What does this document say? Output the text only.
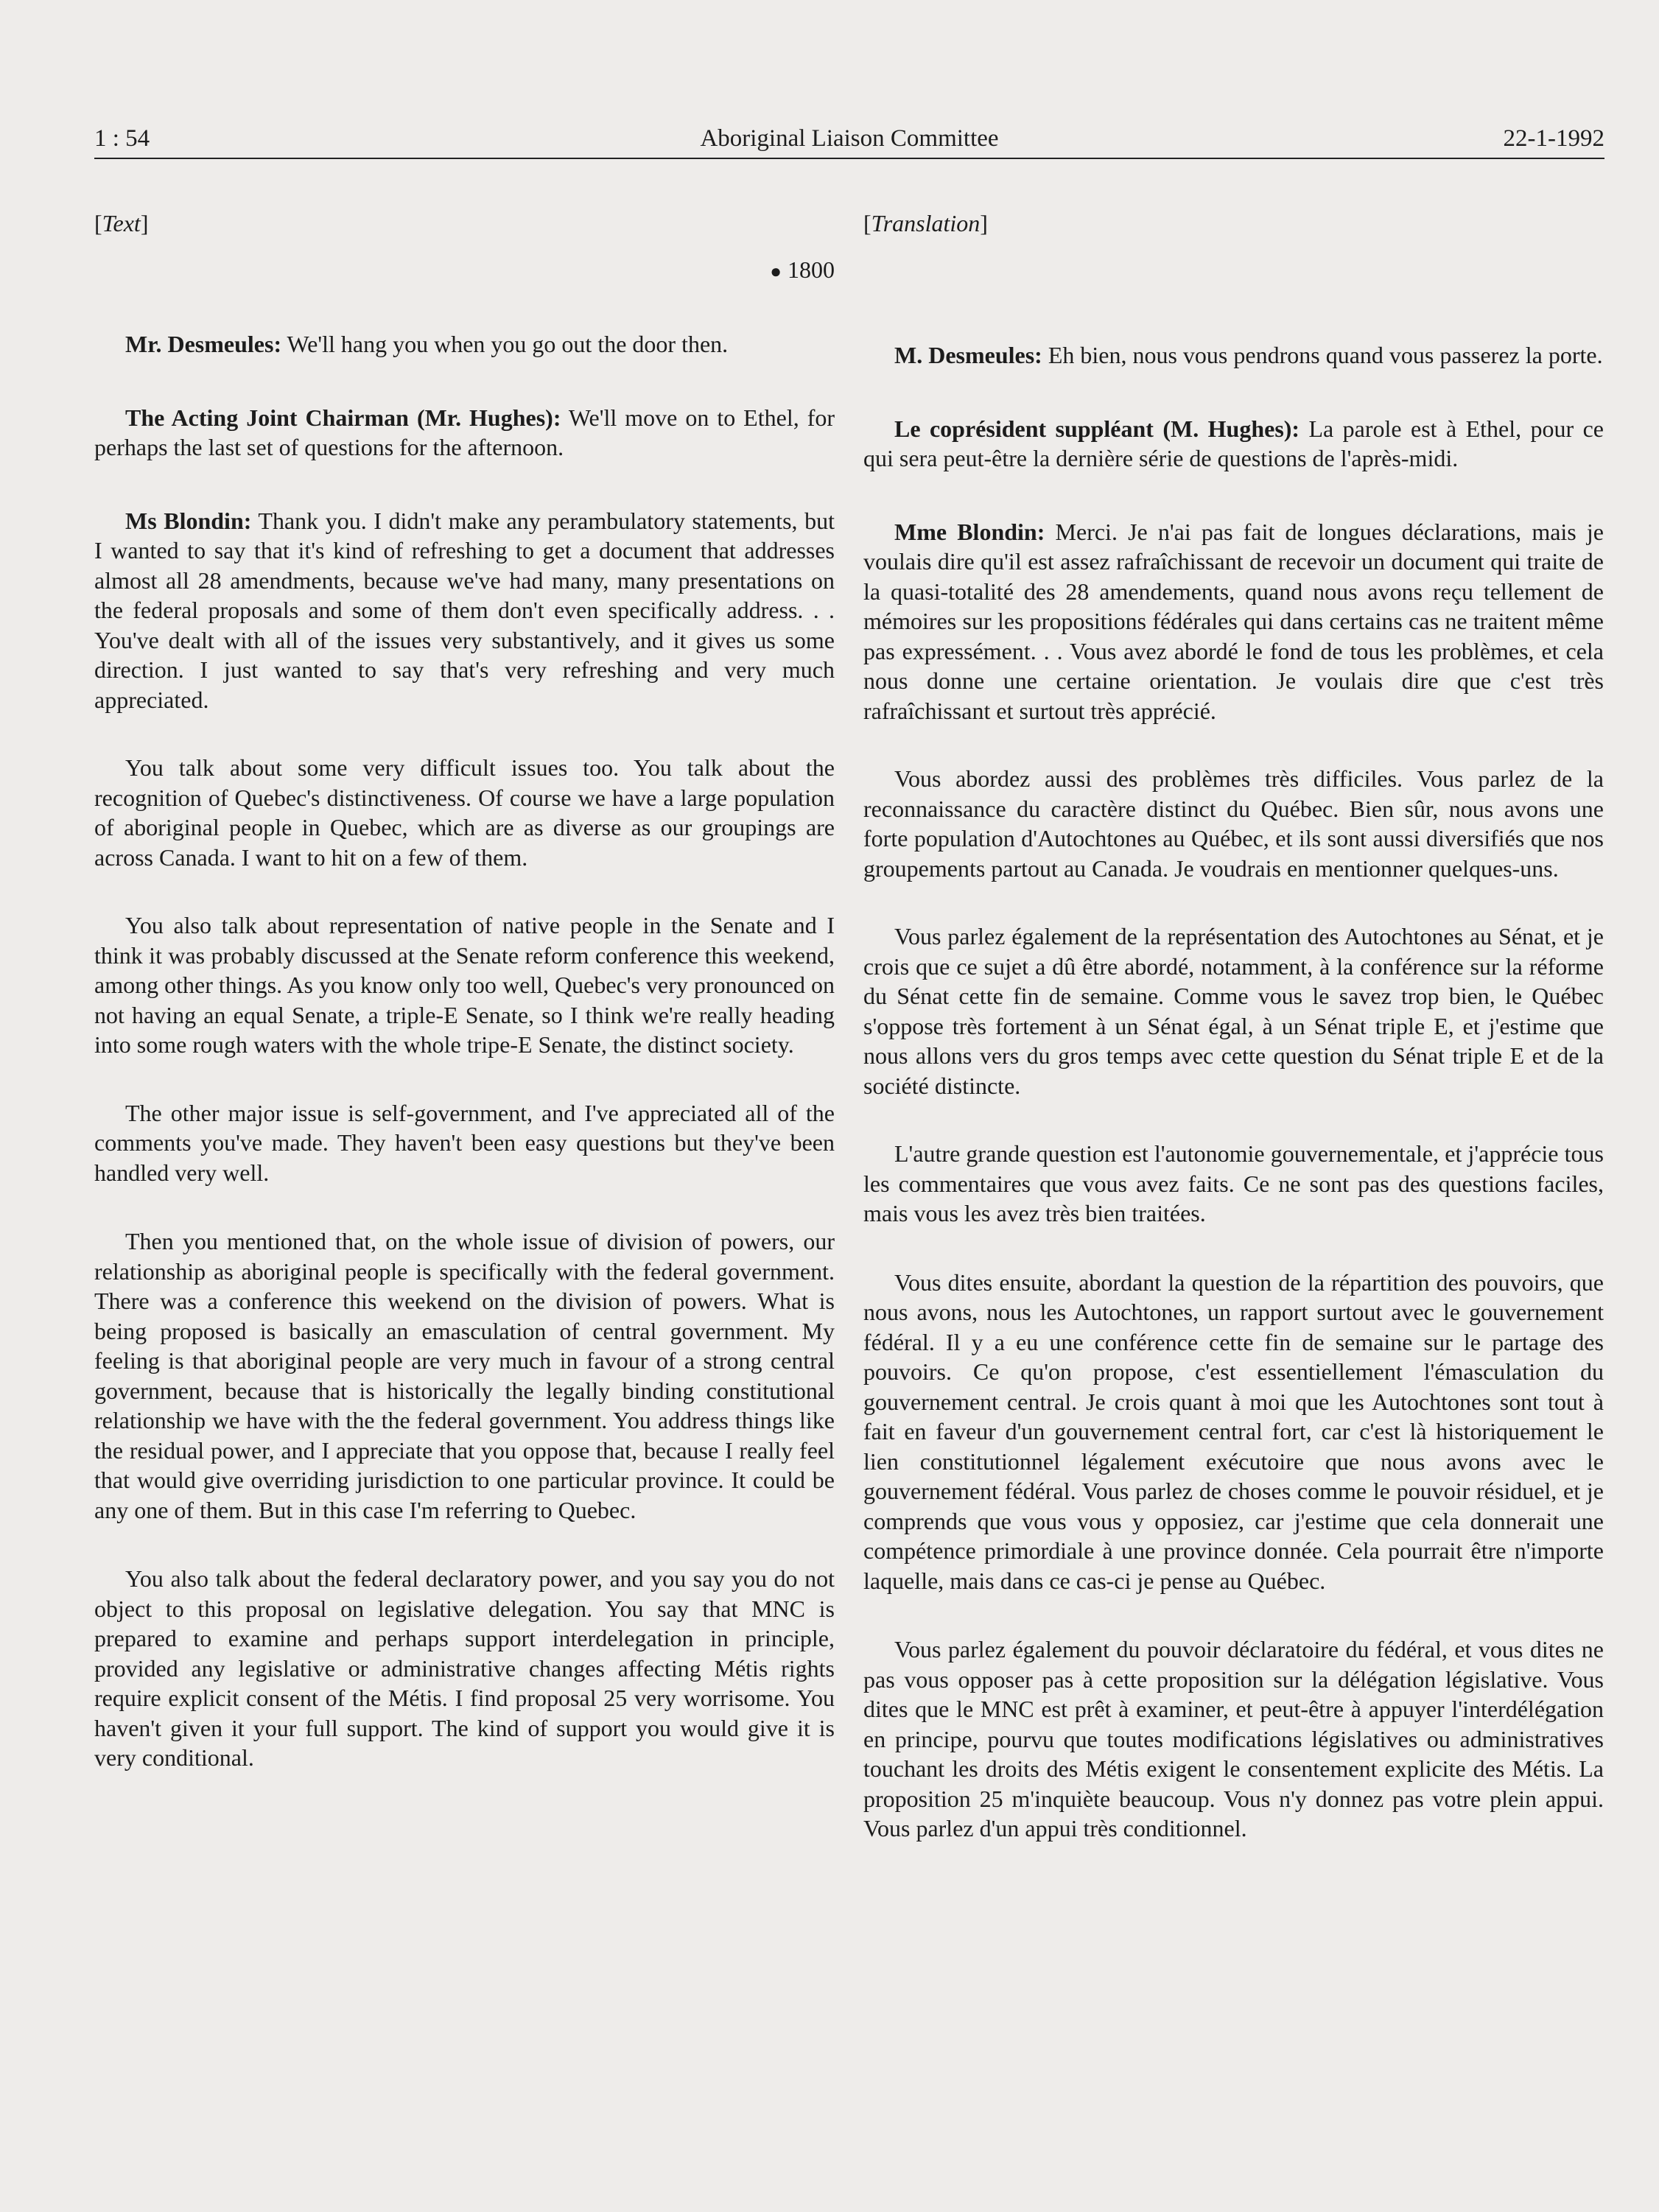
1 : 54	Aboriginal Liaison Committee	22-1-1992
[Text]
● 1800

Mr. Desmeules: We'll hang you when you go out the door then.

The Acting Joint Chairman (Mr. Hughes): We'll move on to Ethel, for perhaps the last set of questions for the afternoon.

Ms Blondin: Thank you. I didn't make any perambulatory statements, but I wanted to say that it's kind of refreshing to get a document that addresses almost all 28 amendments, because we've had many, many presentations on the federal proposals and some of them don't even specifically address. . . You've dealt with all of the issues very substantively, and it gives us some direction. I just wanted to say that's very refreshing and very much appreciated.

You talk about some very difficult issues too. You talk about the recognition of Quebec's distinctiveness. Of course we have a large population of aboriginal people in Quebec, which are as diverse as our groupings are across Canada. I want to hit on a few of them.

You also talk about representation of native people in the Senate and I think it was probably discussed at the Senate reform conference this weekend, among other things. As you know only too well, Quebec's very pronounced on not having an equal Senate, a triple-E Senate, so I think we're really heading into some rough waters with the whole tripe-E Senate, the distinct society.

The other major issue is self-government, and I've appreciated all of the comments you've made. They haven't been easy questions but they've been handled very well.

Then you mentioned that, on the whole issue of division of powers, our relationship as aboriginal people is specifically with the federal government. There was a conference this weekend on the division of powers. What is being proposed is basically an emasculation of central government. My feeling is that aboriginal people are very much in favour of a strong central government, because that is historically the legally binding constitutional relationship we have with the the federal government. You address things like the residual power, and I appreciate that you oppose that, because I really feel that would give overriding jurisdiction to one particular province. It could be any one of them. But in this case I'm referring to Quebec.

You also talk about the federal declaratory power, and you say you do not object to this proposal on legislative delegation. You say that MNC is prepared to examine and perhaps support interdelegation in principle, provided any legislative or administrative changes affecting Métis rights require explicit consent of the Métis. I find proposal 25 very worrisome. You haven't given it your full support. The kind of support you would give it is very conditional.

[Translation]

M. Desmeules: Eh bien, nous vous pendrons quand vous passerez la porte.

Le coprésident suppléant (M. Hughes): La parole est à Ethel, pour ce qui sera peut-être la dernière série de questions de l'après-midi.

Mme Blondin: Merci. Je n'ai pas fait de longues déclarations, mais je voulais dire qu'il est assez rafraîchissant de recevoir un document qui traite de la quasi-totalité des 28 amendements, quand nous avons reçu tellement de mémoires sur les propositions fédérales qui dans certains cas ne traitent même pas expressément. . . Vous avez abordé le fond de tous les problèmes, et cela nous donne une certaine orientation. Je voulais dire que c'est très rafraîchissant et surtout très apprécié.

Vous abordez aussi des problèmes très difficiles. Vous parlez de la reconnaissance du caractère distinct du Québec. Bien sûr, nous avons une forte population d'Autochtones au Québec, et ils sont aussi diversifiés que nos groupements partout au Canada. Je voudrais en mentionner quelques-uns.

Vous parlez également de la représentation des Autochtones au Sénat, et je crois que ce sujet a dû être abordé, notamment, à la conférence sur la réforme du Sénat cette fin de semaine. Comme vous le savez trop bien, le Québec s'oppose très fortement à un Sénat égal, à un Sénat triple E, et j'estime que nous allons vers du gros temps avec cette question du Sénat triple E et de la société distincte.

L'autre grande question est l'autonomie gouvernementale, et j'apprécie tous les commentaires que vous avez faits. Ce ne sont pas des questions faciles, mais vous les avez très bien traitées.

Vous dites ensuite, abordant la question de la répartition des pouvoirs, que nous avons, nous les Autochtones, un rapport surtout avec le gouvernement fédéral. Il y a eu une conférence cette fin de semaine sur le partage des pouvoirs. Ce qu'on propose, c'est essentiellement l'émasculation du gouvernement central. Je crois quant à moi que les Autochtones sont tout à fait en faveur d'un gouvernement central fort, car c'est là historiquement le lien constitutionnel légalement exécutoire que nous avons avec le gouvernement fédéral. Vous parlez de choses comme le pouvoir résiduel, et je comprends que vous vous y opposiez, car j'estime que cela donnerait une compétence primordiale à une province donnée. Cela pourrait être n'importe laquelle, mais dans ce cas-ci je pense au Québec.

Vous parlez également du pouvoir déclaratoire du fédéral, et vous dites ne pas vous opposer pas à cette proposition sur la délégation législative. Vous dites que le MNC est prêt à examiner, et peut-être à appuyer l'interdélégation en principe, pourvu que toutes modifications législatives ou administratives touchant les droits des Métis exigent le consentement explicite des Métis. La proposition 25 m'inquiète beaucoup. Vous n'y donnez pas votre plein appui. Vous parlez d'un appui très conditionnel.
